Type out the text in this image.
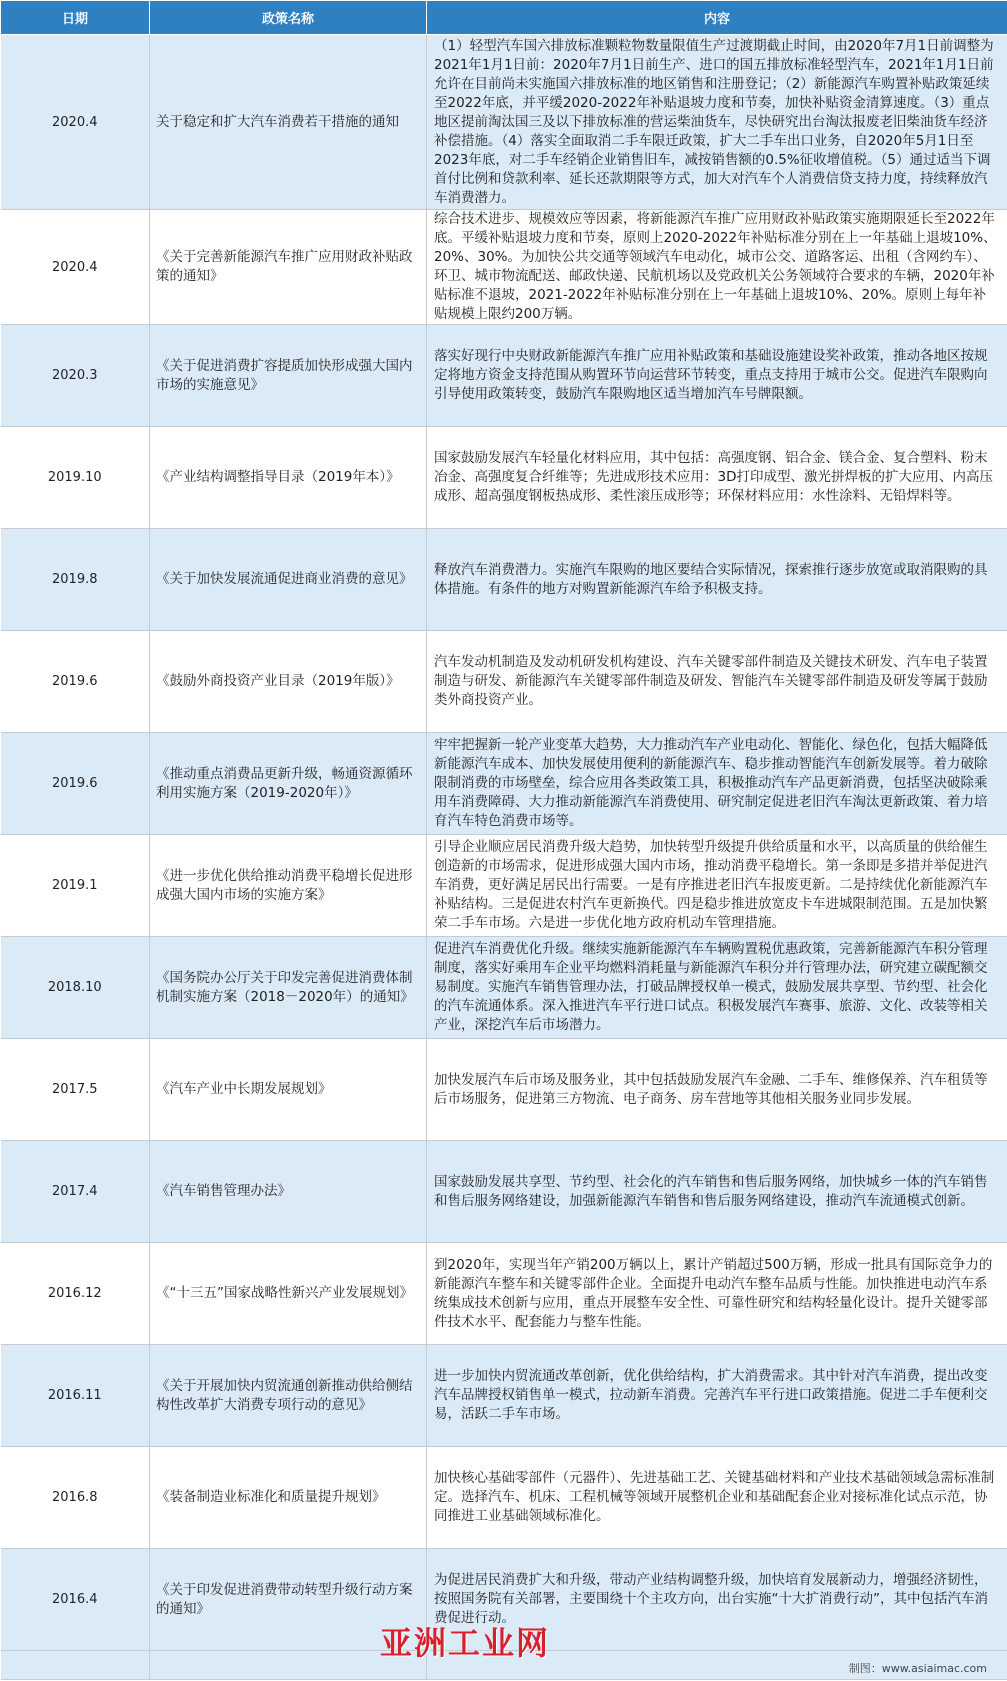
日期	政策名称	内容
2020.4	关于稳定和扩大汽车消费若干措施的通知	（1）轻型汽车国六排放标准颗粒物数量限值生产过渡期截止时间，由2020年7月1日前调整为2021年1月1日前：2020年7月1日前生产、进口的国五排放标准轻型汽车，2021年1月1日前允许在目前尚未实施国六排放标准的地区销售和注册登记；（2）新能源汽车购置补贴政策延续至2022年底，并平缓2020-2022年补贴退坡力度和节奏，加快补贴资金清算速度。（3）重点地区提前淘汰国三及以下排放标准的营运柴油货车，尽快研究出台淘汰报废老旧柴油货车经济补偿措施。（4）落实全面取消二手车限迁政策，扩大二手车出口业务，自2020年5月1日至2023年底，对二手车经销企业销售旧车，减按销售额的0.5%征收增值税。（5）通过适当下调首付比例和贷款利率、延长还款期限等方式，加大对汽车个人消费信贷支持力度，持续释放汽车消费潜力。
2020.4	《关于完善新能源汽车推广应用财政补贴政策的通知》	综合技术进步、规模效应等因素，将新能源汽车推广应用财政补贴政策实施期限延长至2022年底。平缓补贴退坡力度和节奏，原则上2020-2022年补贴标准分别在上一年基础上退坡10%、20%、30%。为加快公共交通等领域汽车电动化，城市公交、道路客运、出租（含网约车）、环卫、城市物流配送、邮政快递、民航机场以及党政机关公务领域符合要求的车辆，2020年补贴标准不退坡，2021-2022年补贴标准分别在上一年基础上退坡10%、20%。原则上每年补贴规模上限约200万辆。
2020.3	《关于促进消费扩容提质加快形成强大国内市场的实施意见》	落实好现行中央财政新能源汽车推广应用补贴政策和基础设施建设奖补政策，推动各地区按规定将地方资金支持范围从购置环节向运营环节转变，重点支持用于城市公交。促进汽车限购向引导使用政策转变，鼓励汽车限购地区适当增加汽车号牌限额。
2019.10	《产业结构调整指导目录（2019年本）》	国家鼓励发展汽车轻量化材料应用，其中包括：高强度钢、铝合金、镁合金、复合塑料、粉末冶金、高强度复合纤维等；先进成形技术应用：3D打印成型、激光拼焊板的扩大应用、内高压成形、超高强度钢板热成形、柔性滚压成形等；环保材料应用：水性涂料、无铅焊料等。
2019.8	《关于加快发展流通促进商业消费的意见》	释放汽车消费潜力。实施汽车限购的地区要结合实际情况，探索推行逐步放宽或取消限购的具体措施。有条件的地方对购置新能源汽车给予积极支持。
2019.6	《鼓励外商投资产业目录（2019年版）》	汽车发动机制造及发动机研发机构建设、汽车关键零部件制造及关键技术研发、汽车电子装置制造与研发、新能源汽车关键零部件制造及研发、智能汽车关键零部件制造及研发等属于鼓励类外商投资产业。
2019.6	《推动重点消费品更新升级，畅通资源循环利用实施方案（2019-2020年）》	牢牢把握新一轮产业变革大趋势，大力推动汽车产业电动化、智能化、绿色化，包括大幅降低新能源汽车成本、加快发展使用便利的新能源汽车、稳步推动智能汽车创新发展等。着力破除限制消费的市场壁垒，综合应用各类政策工具，积极推动汽车产品更新消费，包括坚决破除乘用车消费障碍、大力推动新能源汽车消费使用、研究制定促进老旧汽车淘汰更新政策、着力培育汽车特色消费市场等。
2019.1	《进一步优化供给推动消费平稳增长促进形成强大国内市场的实施方案》	引导企业顺应居民消费升级大趋势，加快转型升级提升供给质量和水平，以高质量的供给催生创造新的市场需求，促进形成强大国内市场，推动消费平稳增长。第一条即是多措并举促进汽车消费，更好满足居民出行需要。一是有序推进老旧汽车报废更新。二是持续优化新能源汽车补贴结构。三是促进农村汽车更新换代。四是稳步推进放宽皮卡车进城限制范围。五是加快繁荣二手车市场。六是进一步优化地方政府机动车管理措施。
2018.10	《国务院办公厅关于印发完善促进消费体制机制实施方案（2018－2020年）的通知》	促进汽车消费优化升级。继续实施新能源汽车车辆购置税优惠政策，完善新能源汽车积分管理制度，落实好乘用车企业平均燃料消耗量与新能源汽车积分并行管理办法，研究建立碳配额交易制度。实施汽车销售管理办法，打破品牌授权单一模式，鼓励发展共享型、节约型、社会化的汽车流通体系。深入推进汽车平行进口试点。积极发展汽车赛事、旅游、文化、改装等相关产业，深挖汽车后市场潜力。
2017.5	《汽车产业中长期发展规划》	加快发展汽车后市场及服务业，其中包括鼓励发展汽车金融、二手车、维修保养、汽车租赁等后市场服务，促进第三方物流、电子商务、房车营地等其他相关服务业同步发展。
2017.4	《汽车销售管理办法》	国家鼓励发展共享型、节约型、社会化的汽车销售和售后服务网络，加快城乡一体的汽车销售和售后服务网络建设，加强新能源汽车销售和售后服务网络建设，推动汽车流通模式创新。
2016.12	《“十三五”国家战略性新兴产业发展规划》	到2020年，实现当年产销200万辆以上，累计产销超过500万辆，形成一批具有国际竞争力的新能源汽车整车和关键零部件企业。全面提升电动汽车整车品质与性能。加快推进电动汽车系统集成技术创新与应用，重点开展整车安全性、可靠性研究和结构轻量化设计。提升关键零部件技术水平、配套能力与整车性能。
2016.11	《关于开展加快内贸流通创新推动供给侧结构性改革扩大消费专项行动的意见》	进一步加快内贸流通改革创新，优化供给结构，扩大消费需求。其中针对汽车消费，提出改变汽车品牌授权销售单一模式，拉动新车消费。完善汽车平行进口政策措施。促进二手车便利交易，活跃二手车市场。
2016.8	《装备制造业标准化和质量提升规划》	加快核心基础零部件（元器件）、先进基础工艺、关键基础材料和产业技术基础领域急需标准制定。选择汽车、机床、工程机械等领域开展整机企业和基础配套企业对接标准化试点示范，协同推进工业基础领域标准化。
2016.4	《关于印发促进消费带动转型升级行动方案的通知》	为促进居民消费扩大和升级，带动产业结构调整升级，加快培育发展新动力，增强经济韧性，按照国务院有关部署，主要围绕十个主攻方向，出台实施“十大扩消费行动”，其中包括汽车消费促进行动。

亚洲工业网
制图：www.asiaimac.com
